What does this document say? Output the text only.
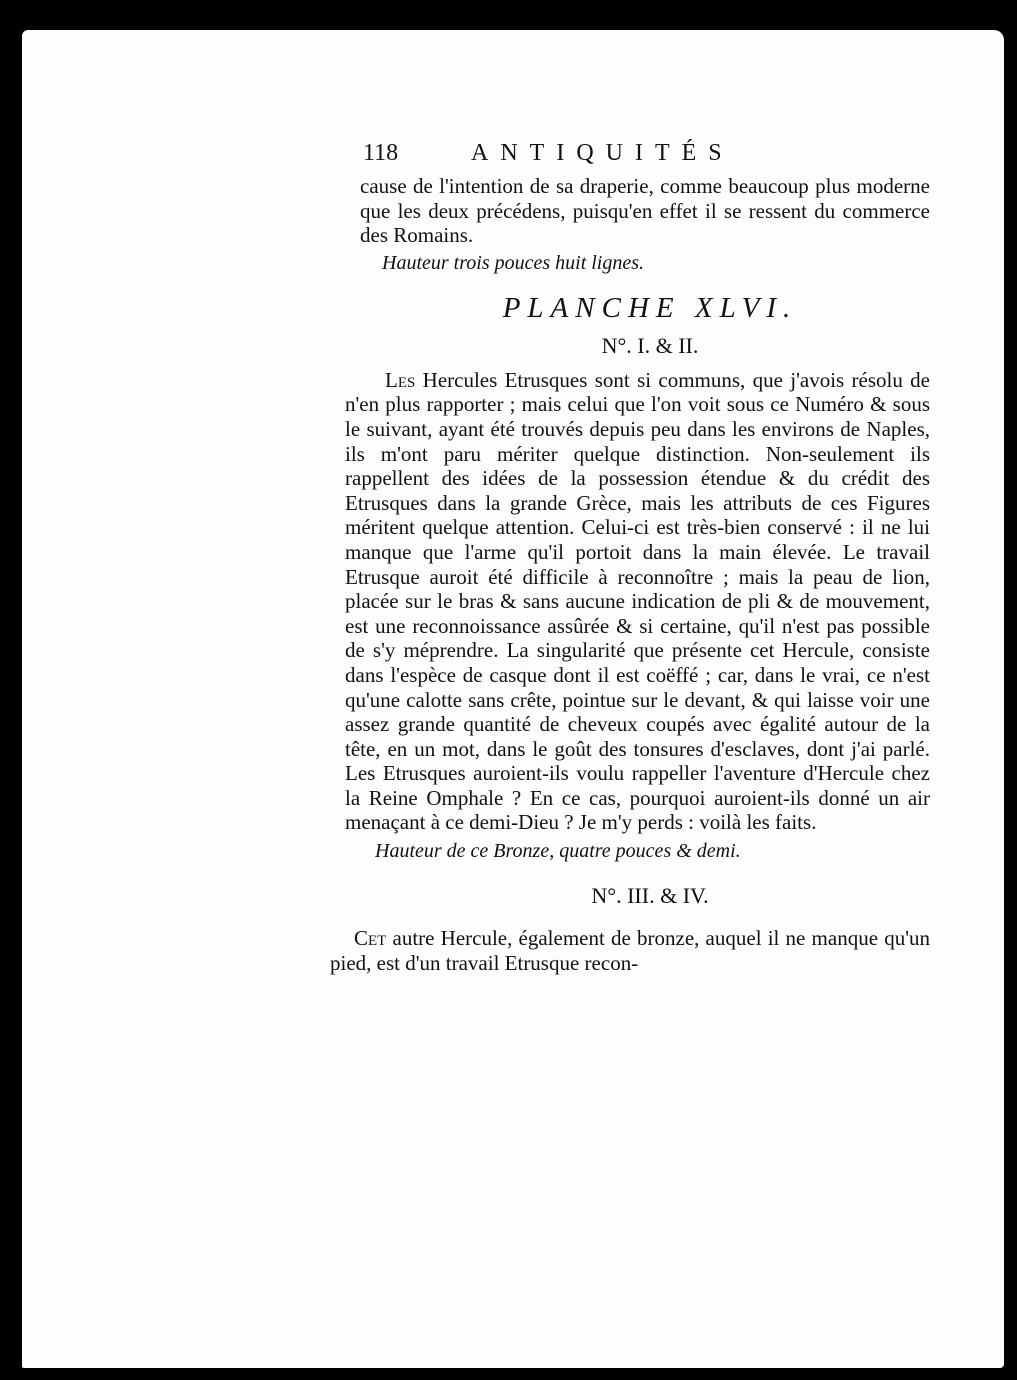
118	ANTIQUITÉS

cause de l'intention de sa draperie, comme beaucoup plus moderne que les deux précédens, puisqu'en effet il se ressent du commerce des Romains.

Hauteur trois pouces huit lignes.

PLANCHE XLVI.
N°. I. & II.

Les Hercules Etrusques sont si communs, que j'avois résolu de n'en plus rapporter ; mais celui que l'on voit sous ce Numéro & sous le suivant, ayant été trouvés depuis peu dans les environs de Naples, ils m'ont paru mériter quelque distinction. Non-seulement ils rappellent des idées de la possession étendue & du crédit des Etrusques dans la grande Grèce, mais les attributs de ces Figures méritent quelque attention. Celui-ci est très-bien conservé : il ne lui manque que l'arme qu'il portoit dans la main élevée. Le travail Etrusque auroit été difficile à reconnoître ; mais la peau de lion, placée sur le bras & sans aucune indication de pli & de mouvement, est une reconnoissance assûrée & si certaine, qu'il n'est pas possible de s'y méprendre. La singularité que présente cet Hercule, consiste dans l'espèce de casque dont il est coëffé ; car, dans le vrai, ce n'est qu'une calotte sans crête, pointue sur le devant, & qui laisse voir une assez grande quantité de cheveux coupés avec égalité autour de la tête, en un mot, dans le goût des tonsures d'esclaves, dont j'ai parlé. Les Etrusques auroient-ils voulu rappeller l'aventure d'Hercule chez la Reine Omphale ? En ce cas, pourquoi auroient-ils donné un air menaçant à ce demi-Dieu ? Je m'y perds : voilà les faits.

Hauteur de ce Bronze, quatre pouces & demi.

N°. III. & IV.

Cet autre Hercule, également de bronze, auquel il ne manque qu'un pied, est d'un travail Etrusque recon-
